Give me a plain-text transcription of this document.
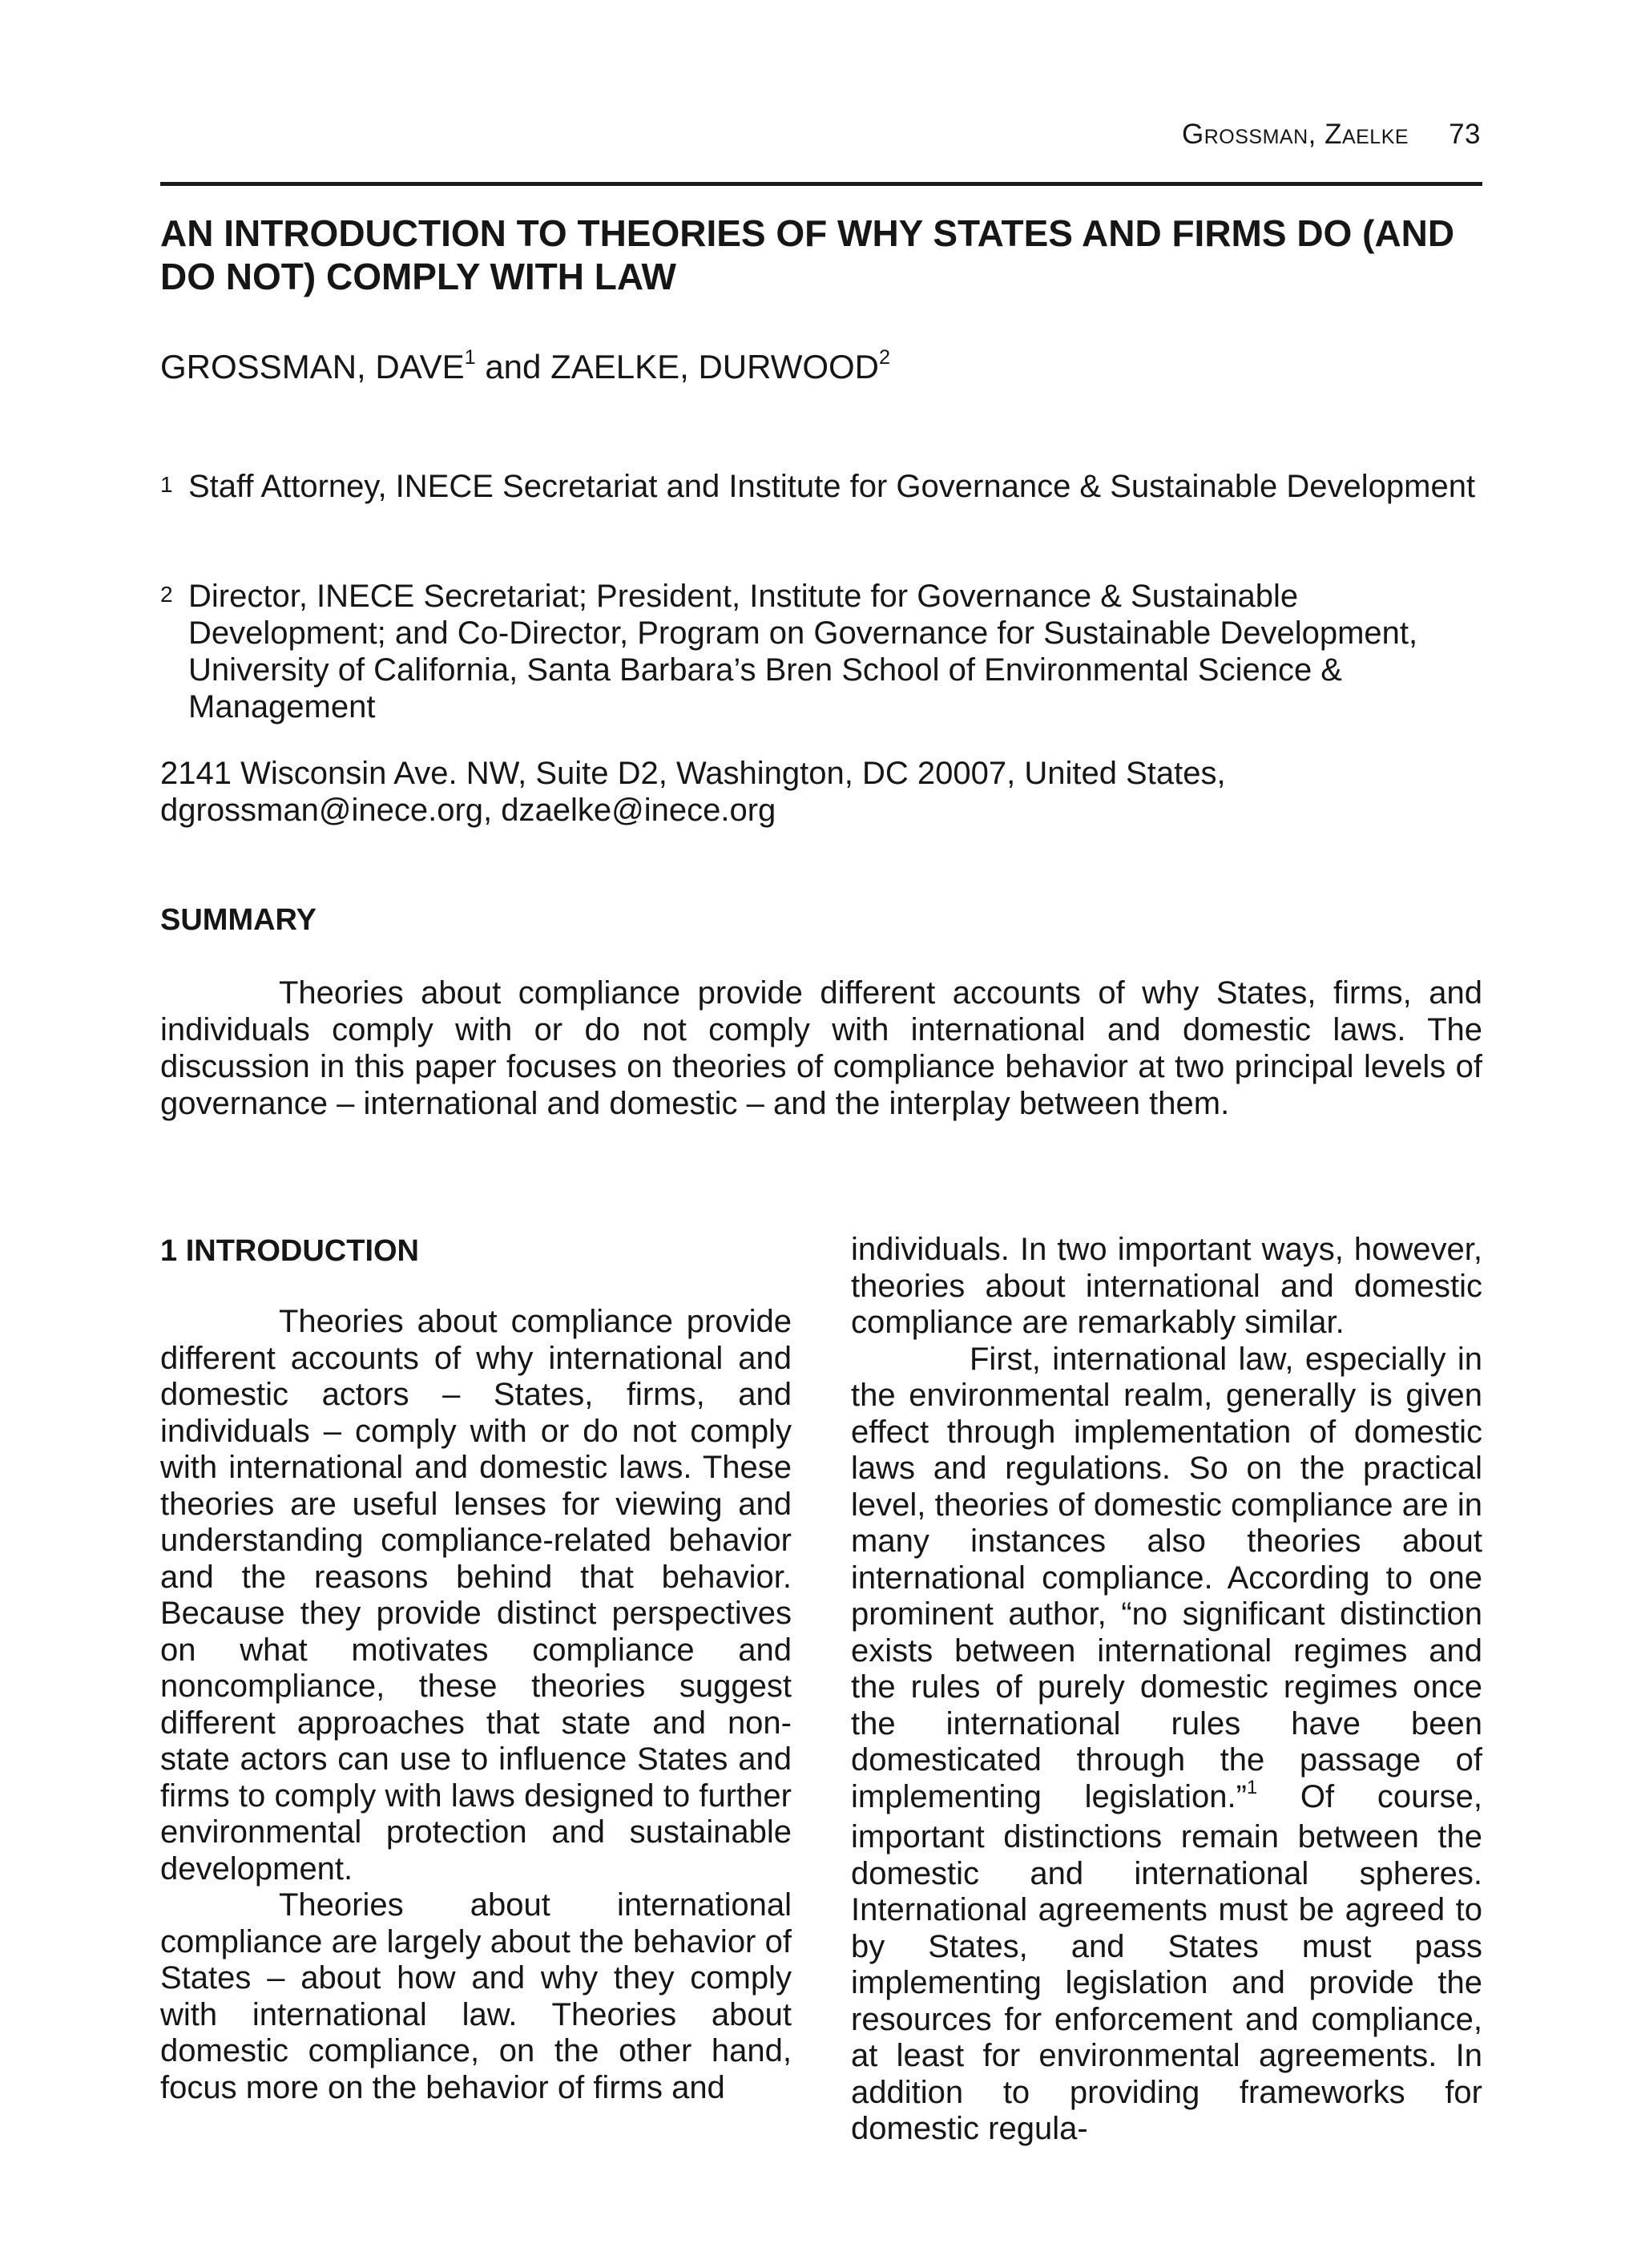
Grossman, Zaelke 73
AN INTRODUCTION TO THEORIES OF WHY STATES AND FIRMS DO (AND DO NOT) COMPLY WITH LAW
GROSSMAN, DAVE$^1$ and ZAELKE, DURWOOD$^2$
1 Staff Attorney, INECE Secretariat and Institute for Governance & Sustainable Development
2 Director, INECE Secretariat; President, Institute for Governance & Sustainable Development; and Co-Director, Program on Governance for Sustainable Development, University of California, Santa Barbara’s Bren School of Environmental Science & Management
2141 Wisconsin Ave. NW, Suite D2, Washington, DC 20007, United States,
dgrossman@inece.org, dzaelke@inece.org
SUMMARY

Theories about compliance provide different accounts of why States, firms, and individuals comply with or do not comply with international and domestic laws. The discussion in this paper focuses on theories of compliance behavior at two principal levels of governance – international and domestic – and the interplay between them.

1 INTRODUCTION

Theories about compliance provide different accounts of why international and domestic actors – States, firms, and individuals – comply with or do not comply with international and domestic laws. These theories are useful lenses for viewing and understanding compliance-related behavior and the reasons behind that behavior. Because they provide distinct perspectives on what motivates compliance and noncompliance, these theories suggest different approaches that state and non-state actors can use to influence States and firms to comply with laws designed to further environmental protection and sustainable development.

Theories about international compliance are largely about the behavior of States – about how and why they comply with international law. Theories about domestic compliance, on the other hand, focus more on the behavior of firms and

individuals. In two important ways, however, theories about international and domestic compliance are remarkably similar.

First, international law, especially in the environmental realm, generally is given effect through implementation of domestic laws and regulations. So on the practical level, theories of domestic compliance are in many instances also theories about international compliance. According to one prominent author, “no significant distinction exists between international regimes and the rules of purely domestic regimes once the international rules have been domesticated through the passage of implementing legislation.”$^1$ Of course, important distinctions remain between the domestic and international spheres. International agreements must be agreed to by States, and States must pass implementing legislation and provide the resources for enforcement and compliance, at least for environmental agreements. In addition to providing frameworks for domestic regula-
